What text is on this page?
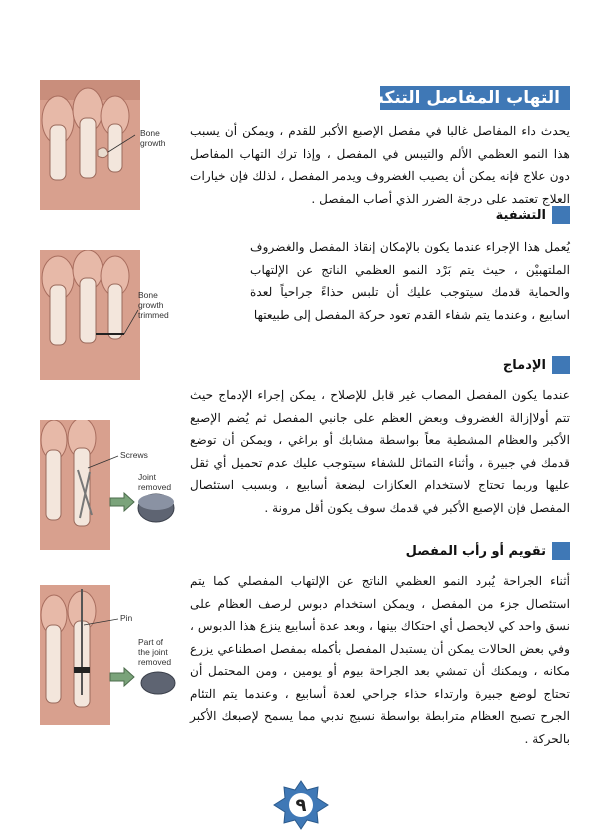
التهاب المفاصل التنكسي

يحدث داء المفاصل غالبا في مفصل الإصبع الأكبر للقدم ، ويمكن أن يسبب هذا النمو العظمي الألم والتيبس في المفصل ، وإذا ترك التهاب المفاصل دون علاج فإنه يمكن أن يصيب الغضروف ويدمر المفصل ، لذلك فإن خيارات العلاج تعتمد على درجة الضرر الذي أصاب المفصل .

التشفية

يُعمل هذا الإجراء عندما يكون بالإمكان إنقاذ المفصل والغضروف الملتهبيْن ، حيث يتم بَرْد النمو العظمي الناتج عن الإلتهاب والحماية قدمك سيتوجب عليك أن تلبس حذاءً جراحياً لعدة اسابيع ، وعندما يتم شفاء القدم تعود حركة المفصل إلى طبيعتها

الإدماج

عندما يكون المفصل المصاب غير قابل للإصلاح ، يمكن إجراء الإدماج حيث تتم أولاإزالة الغضروف وبعض العظم على جانبي المفصل ثم يُضم الإصبع الأكبر والعظام المشطية معاً بواسطة مشابك أو براغي ، ويمكن أن توضع قدمك في جبيرة ، وأثناء التماثل للشفاء سيتوجب عليك عدم تحميل أي ثقل عليها وربما تحتاج لاستخدام العكازات لبضعة أسابيع ، وبسبب استئصال المفصل فإن الإصبع الأكبر في قدمك سوف يكون أقل مرونة .

تقويم أو رأب المفصل

أثناء الجراحة يُبرد النمو العظمي الناتج عن الإلتهاب المفصلي كما يتم استئصال جزء من المفصل ، ويمكن استخدام دبوس لرصف العظام على نسق واحد كي لايحصل أي احتكاك بينها ، وبعد عدة أسابيع ينزع هذا الدبوس ، وفي بعض الحالات يمكن أن يستبدل المفصل بأكمله بمفصل اصطناعي يزرع مكانه ، ويمكنك أن تمشي بعد الجراحة بيوم أو يومين ، ومن المحتمل أن تحتاج لوضع جبيرة وارتداء حذاء جراحي لعدة أسابيع ، وعندما يتم التئام الجرح تصبح العظام مترابطة بواسطة نسيج ندبي مما يسمح لإصبعك الأكبر بالحركة .

Bone
growth
Bone
growth
trimmed
Screws
Joint
removed
Pin
Part of
the joint
removed
٩
